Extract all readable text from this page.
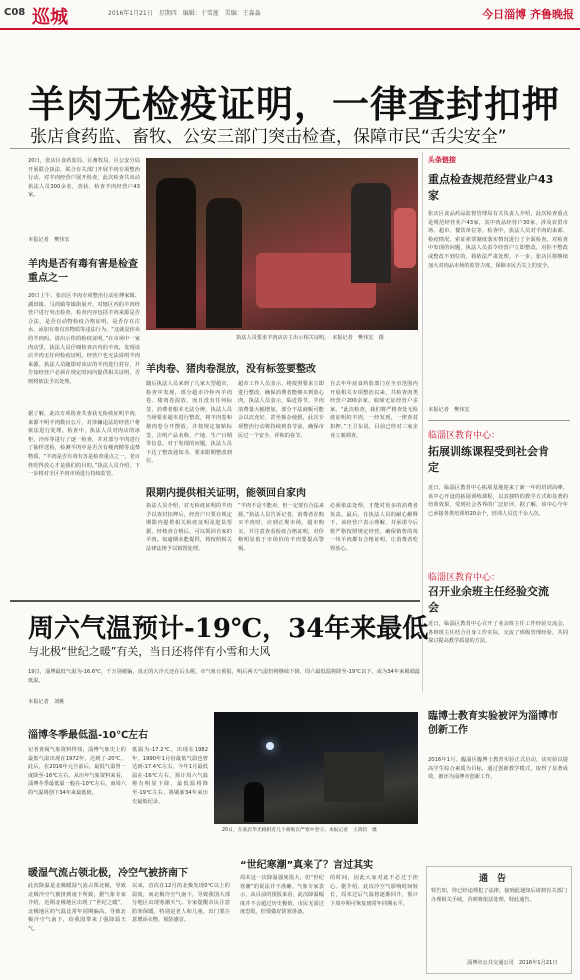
C08 巡城	2016年1月21日　星期四　编辑：于雪莲　美编：王淼淼	今日淄博 齐鲁晚报
羊肉无检疫证明，一律查封扣押
张店食药监、畜牧、公安三部门突击检查，保障市民“舌尖安全”
20日，张店区食药监局、区畜牧局、区公安分局开展联合执法，联合有关部门开展羊肉专项整治行动，对羊肉经营户展开检查。此次检查共出动执法人员300余名，查获、检查羊肉经营户43家。
本报记者　樊伟宏
羊肉是否有毒有害是检查重点之一
20日上午，张店区羊肉专项整治行动在傅家镇、湖田镇、马尚镇等镇街展开，对辖区内的羊肉经营户进行突击检查，检查内容包括羊肉来源是否合法，是否有动物检疫合格证明，是否存在注水、添加有毒有害物质等违法行为。“这就是你卖的羊肉吗，请出示你的检疫证明。”在市场中一家肉店里，执法人员仔细检查店内的羊肉，发现该店羊肉无任何检疫证明，经营户也无法说明羊肉来源。执法人员随即对该店的羊肉进行封存，并告知经营户必须在规定时间内提供相关证明，否则将依法予以处理。
据了解，此次专项检查共查获无检疫证明羊肉、来源不明羊肉数百公斤，对涉嫌违法的经营户将依法进行处理。检查中，执法人员对肉店的冰柜、冷库等进行了逐一检查，并对部分羊肉进行了抽样送检，检测羊肉中是否含有瘦肉精等违禁物质。“羊肉是否有毒有害是检查重点之一，老百姓吃得放心才是我们的目的。”执法人员介绍，下一步将对全区羊肉市场进行持续监管。
执法人员要求羊肉店店主出示相关证明。　本报记者　樊伟宏　摄
羊肉卷、猪肉卷混放，没有标签要整改
随后执法人员来到了几家大型超市，检查中发现，部分超市冷柜内羊肉卷、猪肉卷混放，而且没有任何标签，消费者根本无法分辨。执法人员当场要求超市进行整改，将羊肉卷和猪肉卷分开摆放，并按规定加贴标签，注明产品名称、产地、生产日期等信息。对于发现的问题，执法人员下达了整改通知书，要求限期整改到位。
超市工作人员表示，将按照要求立即进行整改，确保消费者能够买到放心肉。执法人员表示，临近春节，羊肉消费量大幅增加，部分不法商贩可能会以次充好，甚至掺杂使假，此次专项整治行动将持续到春节前，确保市民过一个安全、祥和的春节。
自去年年底食药监部门在全市范围内开展相关专项整治以来，共检查肉类经营户200余家，取缔无证经营户多家。“此次检查，我们将严格查处无检疫证明的羊肉，一经发现，一律查封扣押。”王卫东说，目前已经对三家企业立案调查。
限期内提供相关证明，能领回自家肉
执法人员介绍，对无检疫证明的羊肉予以查封扣押后，经营户只要在规定期限内提供相关检疫证明及进货票据，经核查合格后，可以领回自家的羊肉。如逾期未能提供，将按照相关法律法规予以销毁处理。
“羊肉不是不能卖，但一定要有合法来源。”执法人员告诉记者，消费者在购买羊肉时，应到正规市场、超市购买，并注意查看检疫合格证明，对价格明显低于市场价的羊肉要提高警惕。
必须依法处理，才能对更多的消费者负责。最后，在执法人员的耐心解释下，该经营户表示理解，并承诺今后将严格按照规定经营，确保销售的每一块羊肉都有合格证明，让消费者吃得放心。
头条链接
重点检查规范经营业户43家
张店区食品药品监督管理局有关负责人介绍，此次检查重点是规范经营业户43家，其中肉品经营户30家，涉及农贸市场、超市、餐饮单位等。检查中，执法人员对羊肉的来源、检疫情况、索证索票制度落实情况进行了全面检查。对检查中发现的问题，执法人员责令经营户立即整改，对拒不整改或整改不到位的，将依法严肃处理。下一步，张店区将继续加大对肉品市场的监管力度，保障市民舌尖上的安全。
本报记者　樊伟宏
临淄区教育中心：
拓展训练课程受到社会肯定
近日，临淄区教育中心拓展基地迎来了新一年的培训高峰。该中心开设的拓展训练课程，以其独特的教学方式和显著的培训效果，受到社会各界的广泛好评。据了解，该中心今年已承接各类培训班20余个，培训人员达千余人次。
临淄区教育中心：
召开业余班主任经验交流会
近日，临淄区教育中心召开了业余班主任工作经验交流会，各班班主任结合自身工作实际，交流了班级管理经验，共同探讨提高教学质量的方法。
臨博士教育实验被评为淄博市创新工作
2016年1月，臨淄区臨博士教育实验正式启动，该实验以提高学生综合素质为目标，通过创新教学模式，取得了显著成效，被评为淄博市创新工作。
通　告
特告知，你已经违规犯了法律，接到此通知后请到有关部门办理相关手续，否则将依法处理。特此通告。
淄博市公共交通公司　2016年1月21日
周六气温预计-19℃，34年来最低
与北极“世纪之暖”有关，当日还将伴有小雪和大风
19日，淄博最低气温为-16.6℃，千万别被骗，真正的大冷天还在后头呢。市气象台预报，明后两天气温仍将继续下降，周六最低温将降至-19℃以下，或为34年来极端最低温。
本报记者　刘桃
淄博冬季最低温-10℃左右
记者查阅气象资料得知，淄博气象史上的最低气温出现在1972年，达到了-20℃。此后，在2016年元旦前后，最低气温曾一度降至-16℃左右。从历年气象资料来看，淄博冬季最低温一般在-10℃左右，而周六的气温将创下34年来最低值。
低温为-17.2℃，出现在1982年，1990年1月份最低气温也曾达到-17.4℃左右。今年1月最低温在-16℃左右。预计周六气温将有明显下降，最低温将降至-19℃左右，将刷新34年来历史最低纪录。
20日，在张店华光路附近几个商贩在严寒中坚守。本报记者　王鸿钧　摄
暖湿气流占领北极，冷空气被挤南下
此次降温是北极暖湿气流占领北极，导致北极冷空气被挤到南下所致。据气象专家介绍，近期北极地区出现了“世纪之暖”，北极地区的气温比常年同期偏高，导致北极冷空气南下，给我国带来了强降温天气。
以来，首次在12月的北极发现0℃以上的温度，而北极冷空气南下，导致我国大部分地区出现寒潮天气。专家提醒市民注意防寒保暖，特别是老人和儿童，出门要注意增添衣物，预防感冒。
“世纪寒潮”真来了？言过其实
周末这一次降温强度很大，但“世纪寒潮”的说法并不准确。气象专家表示，从目前的预报来看，此次降温幅度并不会超过历史极值，市民无需过度恐慌，但要做好防寒准备。
的时间，因此大家对此不必过于担心。据介绍，此次冷空气影响时间较长，周末过后气温将逐渐回升，预计下周中期可恢复到常年同期水平。
